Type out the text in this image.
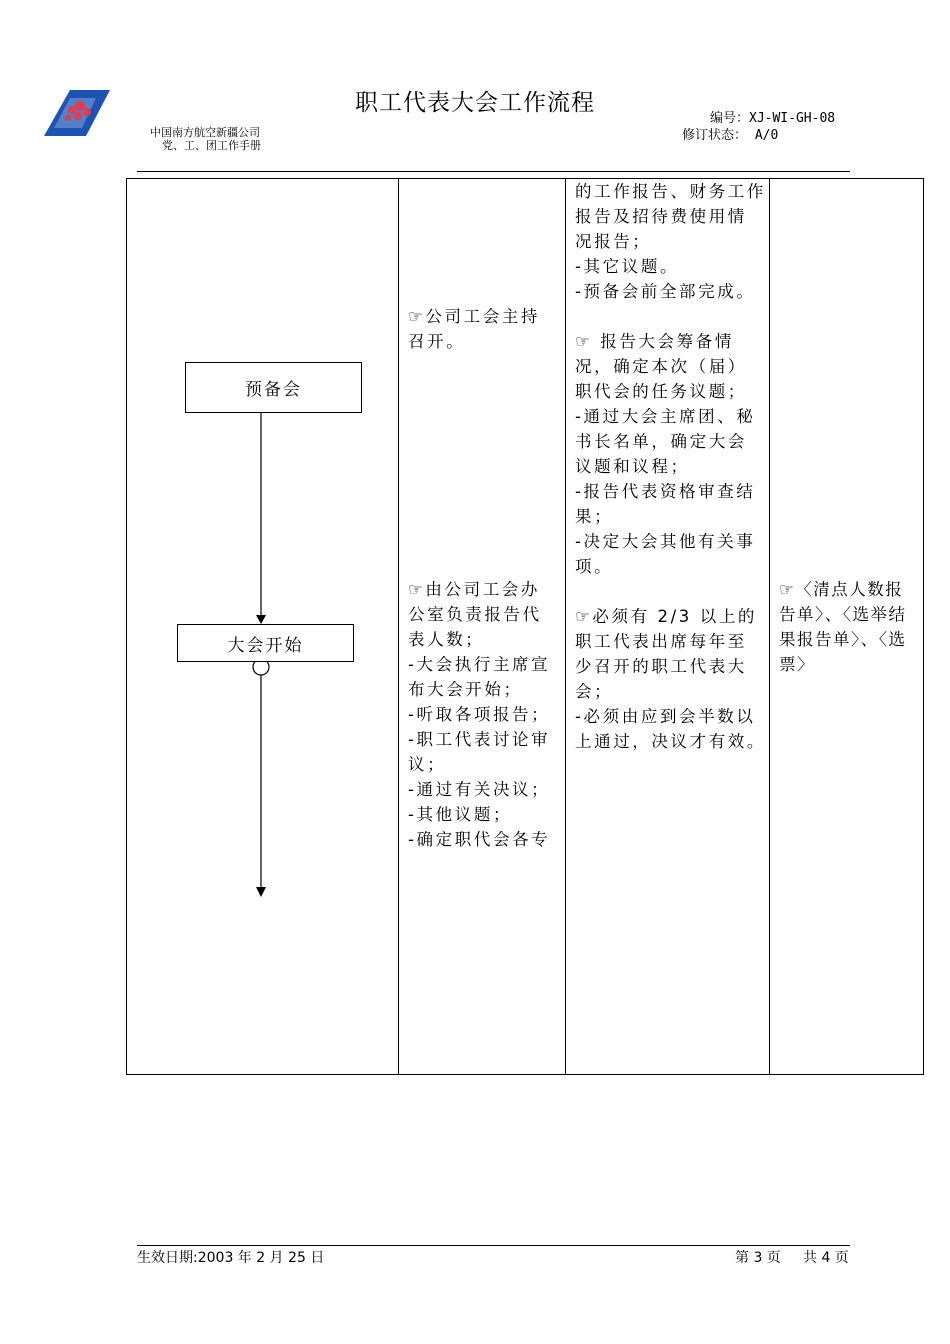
职工代表大会工作流程
中国南方航空新疆公司
党、工、团工作手册
编号：XJ-WI-GH-08
修订状态： A/0
预备会
大会开始
☞公司工会主持
召开。
☞由公司工会办
公室负责报告代
表人数；
-大会执行主席宣
布大会开始；
-听取各项报告；
-职工代表讨论审
议；
-通过有关决议；
-其他议题；
-确定职代会各专
的工作报告、财务工作
报告及招待费使用情
况报告；
-其它议题。
-预备会前全部完成。
☞ 报告大会筹备情
况，确定本次（届）
职代会的任务议题；
-通过大会主席团、秘
书长名单，确定大会
议题和议程；
-报告代表资格审查结
果；
-决定大会其他有关事
项。
☞必须有 2/3 以上的
职工代表出席每年至
少召开的职工代表大
会；
-必须由应到会半数以
上通过，决议才有效。
☞〈清点人数报
告单〉、〈选举结
果报告单〉、〈选
票〉
生效日期:2003 年 2 月 25 日	第 3 页 共 4 页
